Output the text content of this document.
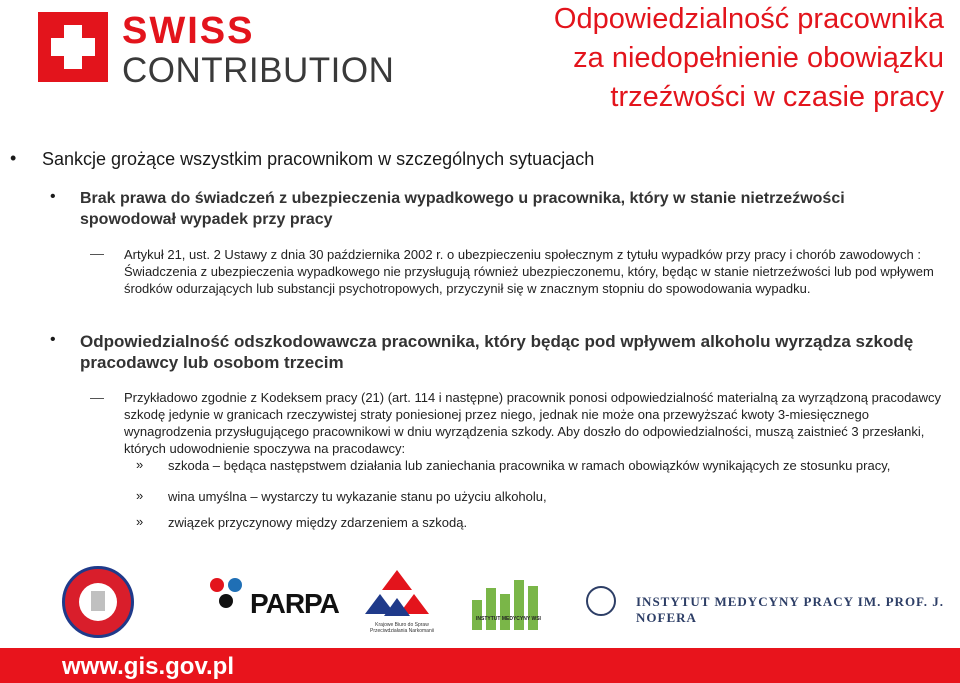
SWISS
CONTRIBUTION
Odpowiedzialność pracownika
za niedopełnienie obowiązku
trzeźwości w czasie pracy
• Sankcje grożące wszystkim pracownikom w szczególnych sytuacjach
• Brak prawa do świadczeń z ubezpieczenia wypadkowego u pracownika, który w stanie nietrzeźwości spowodował wypadek przy pracy
Artykuł 21, ust. 2 Ustawy z dnia 30 października 2002 r. o ubezpieczeniu społecznym z tytułu wypadków przy pracy i chorób zawodowych : Świadczenia z ubezpieczenia wypadkowego nie przysługują również ubezpieczonemu, który, będąc w stanie nietrzeźwości lub pod wpływem środków odurzających lub substancji psychotropowych, przyczynił się w znacznym stopniu do spowodowania wypadku.
• Odpowiedzialność odszkodowawcza pracownika, który będąc pod wpływem alkoholu wyrządza szkodę pracodawcy lub osobom trzecim
Przykładowo zgodnie z Kodeksem pracy (21) (art. 114 i następne) pracownik ponosi odpowiedzialność materialną za wyrządzoną pracodawcy szkodę jedynie w granicach rzeczywistej straty poniesionej przez niego, jednak nie może ona przewyższać kwoty 3-miesięcznego wynagrodzenia przysługującego pracownikowi w dniu wyrządzenia szkody. Aby doszło do odpowiedzialności, muszą zaistnieć 3 przesłanki, których udowodnienie spoczywa na pracodawcy:
» szkoda – będąca następstwem działania lub zaniechania pracownika w ramach obowiązków wynikających ze stosunku pracy,
» wina umyślna – wystarczy tu wykazanie stanu po użyciu alkoholu,
» związek przyczynowy między zdarzeniem a szkodą.
PARPA
Krajowe Biuro do Spraw Przeciwdziałania Narkomanii
INSTYTUT MEDYCYNY WSI
INSTYTUT MEDYCYNY PRACY IM. PROF. J. NOFERA
www.gis.gov.pl
